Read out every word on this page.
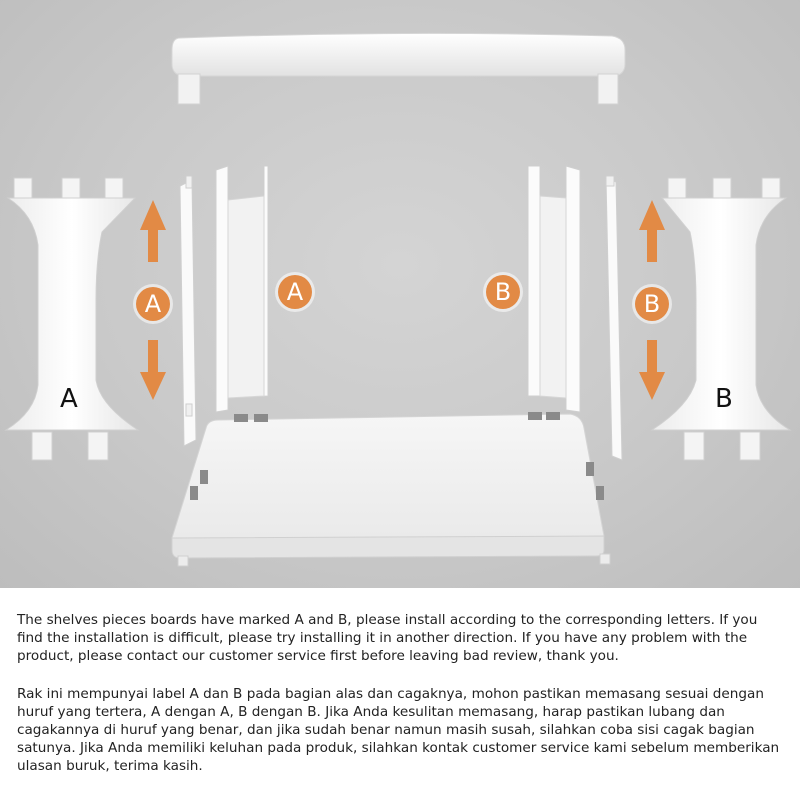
A	B
A	A	B	B

The shelves pieces boards have marked A and B, please install according to the corresponding letters. If you find the installation is difficult, please try installing it in another direction. If you have any problem with the product, please contact our customer service first before leaving bad review, thank you.

Rak ini mempunyai label A dan B pada bagian alas dan cagaknya, mohon pastikan memasang sesuai dengan huruf yang tertera, A dengan A, B dengan B. Jika Anda kesulitan memasang, harap pastikan lubang dan cagakannya di huruf yang benar, dan jika sudah benar namun masih susah, silahkan coba sisi cagak bagian satunya. Jika Anda memiliki keluhan pada produk, silahkan kontak customer service kami sebelum memberikan ulasan buruk, terima kasih.
